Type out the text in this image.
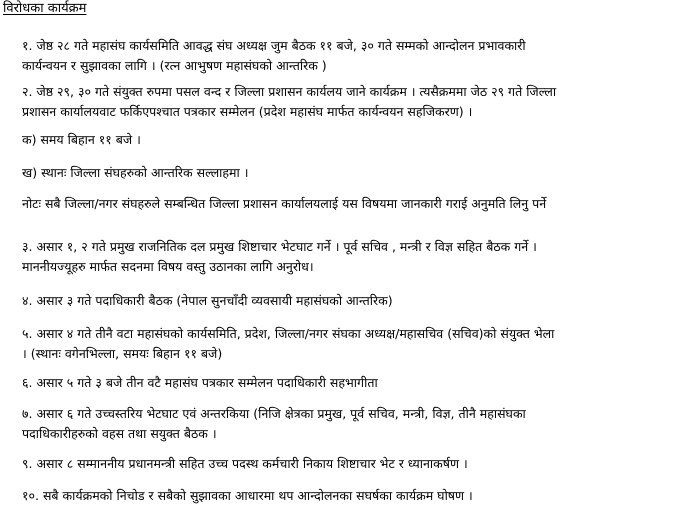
विरोधका कार्यक्रम
१. जेष्ठ २८ गते महासंघ कार्यसमिति आवद्ध संघ अध्यक्ष जुम बैठक ११ बजे, ३० गते सम्मको आन्दोलन प्रभावकारी
कार्यन्वयन र सुझावका लागि । (रत्न आभुषण महासंघको आन्तरिक )
२. जेष्ठ २९, ३० गते संयुक्त रुपमा पसल वन्द र जिल्ला प्रशासन कार्यलय जाने कार्यक्रम । त्यसैक्रममा जेठ २९ गते जिल्ला
प्रशासन कार्यालयवाट फर्किएपश्चात पत्रकार सम्मेलन (प्रदेश महासंघ मार्फत कार्यन्वयन सहजिकरण) ।
क) समय बिहान ११ बजे ।
ख) स्थानः जिल्ला संघहरुको आन्तरिक सल्लाहमा ।
नोटः सबै जिल्ला/नगर संघहरुले सम्बन्धित जिल्ला प्रशासन कार्यालयलाई यस विषयमा जानकारी गराई अनुमति लिनु पर्ने
३. असार १, २ गते प्रमुख राजनितिक दल प्रमुख शिष्टाचार भेटघाट गर्ने । पूर्व सचिव , मन्त्री र विज्ञ सहित बैठक गर्ने ।
माननीयज्यूहरु मार्फत सदनमा विषय वस्तु उठानका लागि अनुरोध।
४. असार ३ गते पदाधिकारी बैठक (नेपाल सुनचाँदी व्यवसायी महासंघको आन्तरिक)
५. असार ४ गते तीनै वटा महासंघको कार्यसमिति, प्रदेश, जिल्ला/नगर संघका अध्यक्ष/महासचिव (सचिव)को संयुक्त भेला
। (स्थानः वगेनभिल्ला, समयः बिहान ११ बजे)
६. असार ५ गते ३ बजे तीन वटै महासंघ पत्रकार सम्मेलन पदाधिकारी सहभागीता
७. असार ६ गते उच्चस्तरिय भेटघाट एवं अन्तरकिया (निजि क्षेत्रका प्रमुख, पूर्व सचिव, मन्त्री, विज्ञ, तीनै महासंघका
पदाधिकारीहरुको वहस तथा सयुक्त बैठक ।
९. असार ८ सम्माननीय प्रधानमन्त्री सहित उच्च पदस्थ कर्मचारी निकाय शिष्टाचार भेट र ध्यानाकर्षण ।
१०. सबै कार्यक्रमको निचोड र सबैको सुझावका आधारमा थप आन्दोलनका सघर्षका कार्यक्रम घोषण ।
